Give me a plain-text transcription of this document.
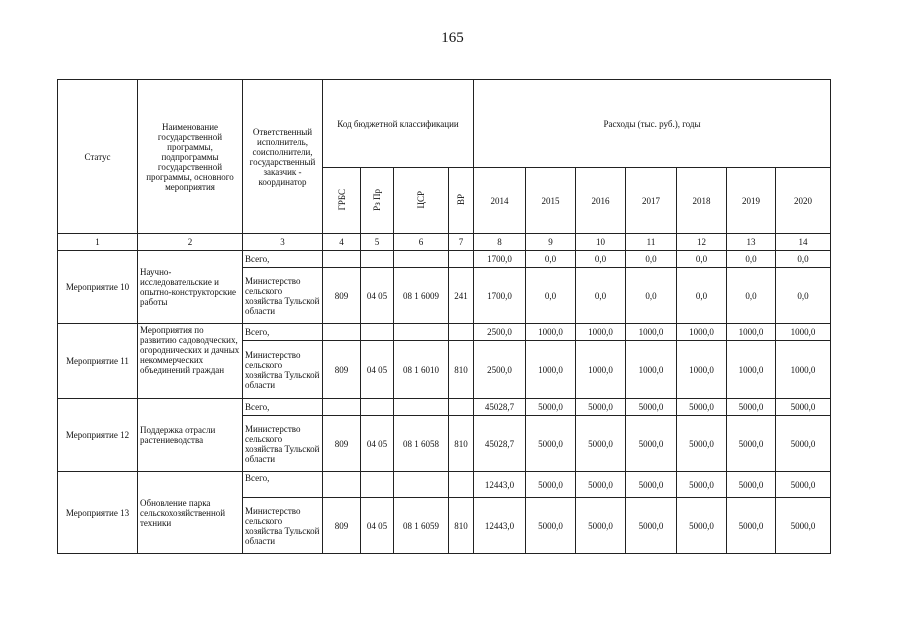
165
Статус	Наименование государственной программы, подпрограммы государственной программы, основного мероприятия	Ответственный исполнитель, соисполнители, государственный заказчик - координатор	Код бюджетной классификации				Расходы (тыс. руб.), годы						
			ГРБС	Рз Пр	ЦСР	ВР	2014	2015	2016	2017	2018	2019	2020
1	2	3	4	5	6	7	8	9	10	11	12	13	14
Мероприятие 10	Научно-исследовательские и опытно-конструкторские работы	Всего,					1700,0	0,0	0,0	0,0	0,0	0,0	0,0
		Министерство сельского хозяйства Тульской области	809	04 05	08 1 6009	241	1700,0	0,0	0,0	0,0	0,0	0,0	0,0
Мероприятие 11	Мероприятия по развитию садоводческих, огороднических и дачных некоммерческих объединений граждан	Всего,					2500,0	1000,0	1000,0	1000,0	1000,0	1000,0	1000,0
		Министерство сельского хозяйства Тульской области	809	04 05	08 1 6010	810	2500,0	1000,0	1000,0	1000,0	1000,0	1000,0	1000,0
Мероприятие 12	Поддержка отрасли растениеводства	Всего,					45028,7	5000,0	5000,0	5000,0	5000,0	5000,0	5000,0
		Министерство сельского хозяйства Тульской области	809	04 05	08 1 6058	810	45028,7	5000,0	5000,0	5000,0	5000,0	5000,0	5000,0
Мероприятие 13	Обновление парка сельскохозяйственной техники	Всего,					12443,0	5000,0	5000,0	5000,0	5000,0	5000,0	5000,0
		Министерство сельского хозяйства Тульской области	809	04 05	08 1 6059	810	12443,0	5000,0	5000,0	5000,0	5000,0	5000,0	5000,0
